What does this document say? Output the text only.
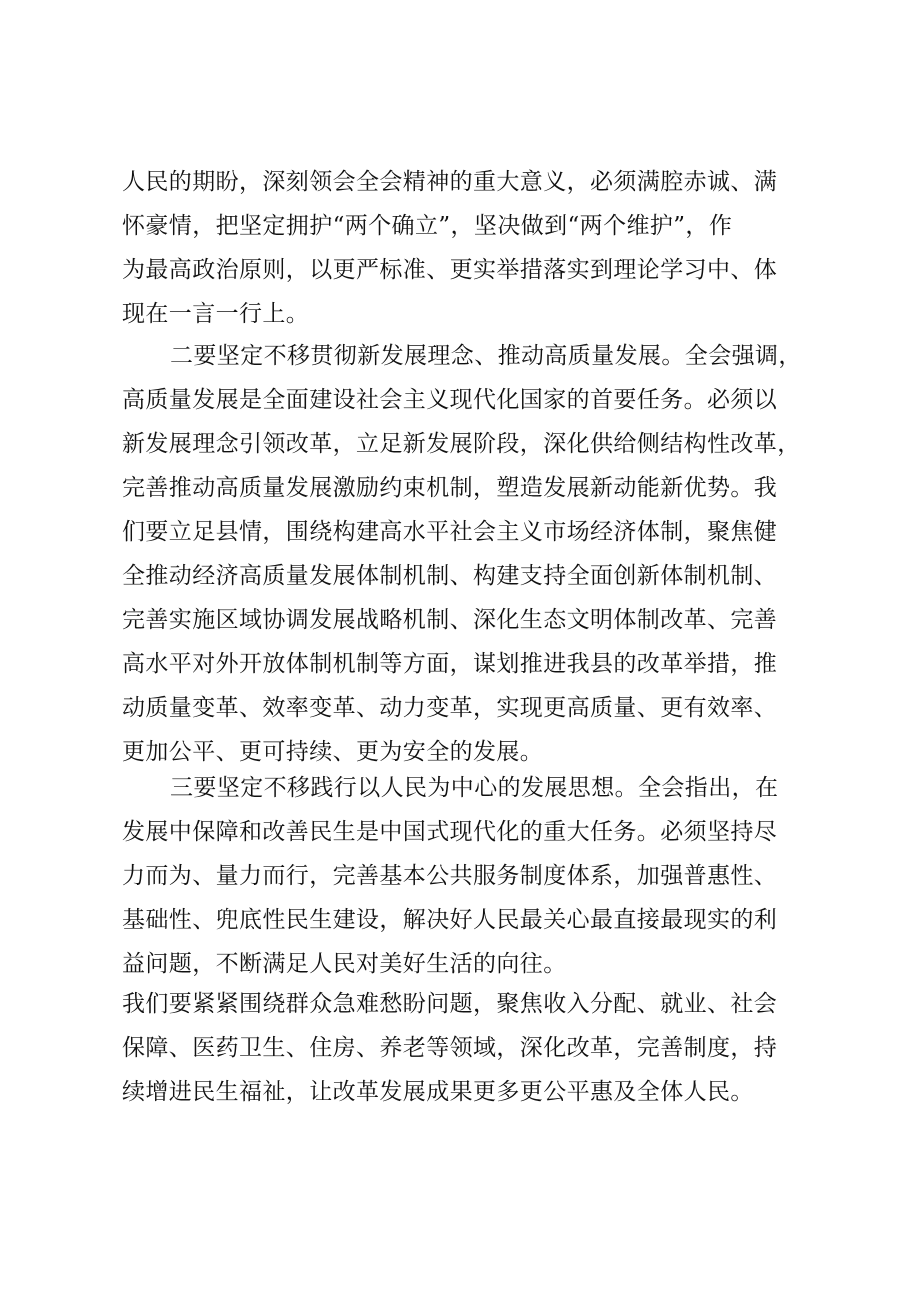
人民的期盼，深刻领会全会精神的重大意义，必须满腔赤诚、满
怀豪情，把坚定拥护“两个确立”，坚决做到“两个维护”，作
为最高政治原则，以更严标准、更实举措落实到理论学习中、体
现在一言一行上。
二要坚定不移贯彻新发展理念、推动高质量发展。全会强调，
高质量发展是全面建设社会主义现代化国家的首要任务。必须以
新发展理念引领改革，立足新发展阶段，深化供给侧结构性改革，
完善推动高质量发展激励约束机制，塑造发展新动能新优势。我
们要立足县情，围绕构建高水平社会主义市场经济体制，聚焦健
全推动经济高质量发展体制机制、构建支持全面创新体制机制、
完善实施区域协调发展战略机制、深化生态文明体制改革、完善
高水平对外开放体制机制等方面，谋划推进我县的改革举措，推
动质量变革、效率变革、动力变革，实现更高质量、更有效率、
更加公平、更可持续、更为安全的发展。
三要坚定不移践行以人民为中心的发展思想。全会指出，在
发展中保障和改善民生是中国式现代化的重大任务。必须坚持尽
力而为、量力而行，完善基本公共服务制度体系，加强普惠性、
基础性、兜底性民生建设，解决好人民最关心最直接最现实的利
益问题，不断满足人民对美好生活的向往。
我们要紧紧围绕群众急难愁盼问题，聚焦收入分配、就业、社会
保障、医药卫生、住房、养老等领域，深化改革，完善制度，持
续增进民生福祉，让改革发展成果更多更公平惠及全体人民。
